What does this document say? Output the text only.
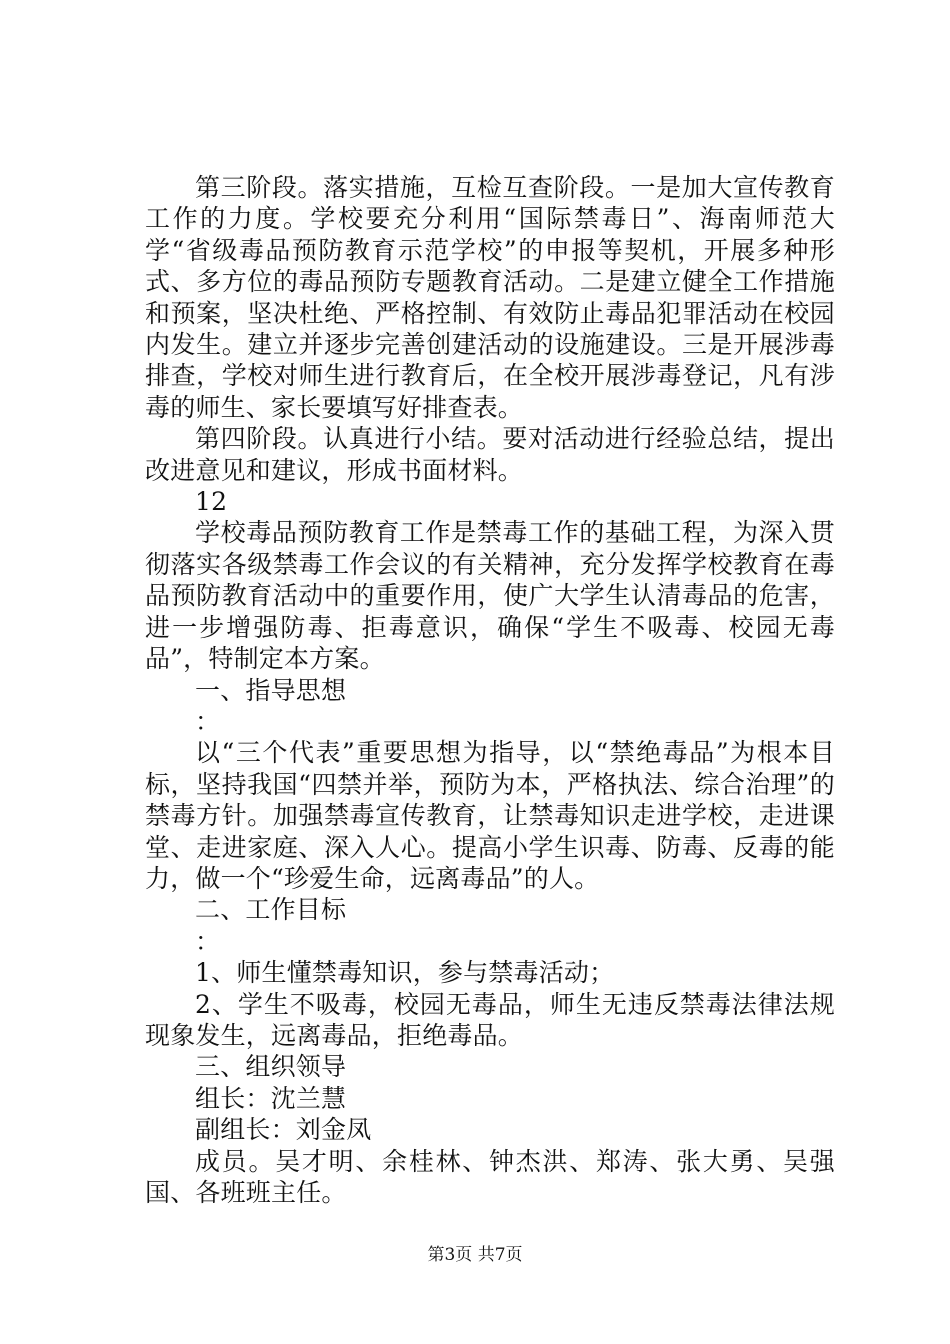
第三阶段。落实措施，互检互查阶段。一是加大宣传教育工作的力度。学校要充分利用“国际禁毒日”、海南师范大学“省级毒品预防教育示范学校”的申报等契机，开展多种形式、多方位的毒品预防专题教育活动。二是建立健全工作措施和预案，坚决杜绝、严格控制、有效防止毒品犯罪活动在校园内发生。建立并逐步完善创建活动的设施建设。三是开展涉毒排查，学校对师生进行教育后，在全校开展涉毒登记，凡有涉毒的师生、家长要填写好排查表。

第四阶段。认真进行小结。要对活动进行经验总结，提出改进意见和建议，形成书面材料。

12

学校毒品预防教育工作是禁毒工作的基础工程，为深入贯彻落实各级禁毒工作会议的有关精神，充分发挥学校教育在毒品预防教育活动中的重要作用，使广大学生认清毒品的危害，进一步增强防毒、拒毒意识，确保“学生不吸毒、校园无毒品”，特制定本方案。

一、指导思想

：

以“三个代表”重要思想为指导，以“禁绝毒品”为根本目标，坚持我国“四禁并举，预防为本，严格执法、综合治理”的禁毒方针。加强禁毒宣传教育，让禁毒知识走进学校，走进课堂、走进家庭、深入人心。提高小学生识毒、防毒、反毒的能力，做一个“珍爱生命，远离毒品”的人。

二、工作目标

：

1、师生懂禁毒知识，参与禁毒活动；

2、学生不吸毒，校园无毒品，师生无违反禁毒法律法规现象发生，远离毒品，拒绝毒品。

三、组织领导

组长：沈兰慧

副组长：刘金凤

成员。吴才明、余桂林、钟杰洪、郑涛、张大勇、吴强国、各班班主任。

第3页 共7页
